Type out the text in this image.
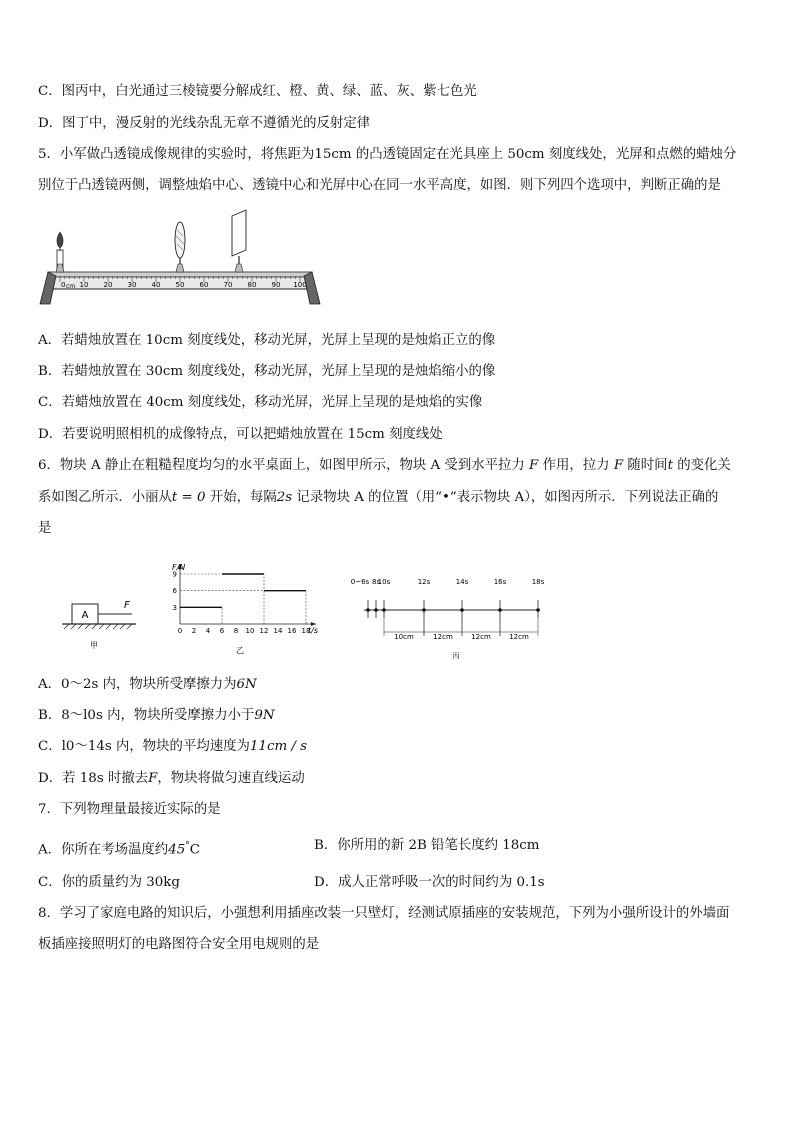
C．图丙中，白光通过三棱镜要分解成红、橙、黄、绿、蓝、灰、紫七色光
D．图丁中，漫反射的光线杂乱无章不遵循光的反射定律
5．小军做凸透镜成像规律的实验时，将焦距为15cm 的凸透镜固定在光具座上 50cm 刻度线处，光屏和点燃的蜡烛分
别位于凸透镜两侧，调整烛焰中心、透镜中心和光屏中心在同一水平高度，如图．则下列四个选项中，判断正确的是
0 10 20 30 40 50 60 70 80 90 100
cm
A．若蜡烛放置在 10cm 刻度线处，移动光屏，光屏上呈现的是烛焰正立的像
B．若蜡烛放置在 30cm 刻度线处，移动光屏，光屏上呈现的是烛焰缩小的像
C．若蜡烛放置在 40cm 刻度线处，移动光屏，光屏上呈现的是烛焰的实像
D．若要说明照相机的成像特点，可以把蜡烛放置在 15cm 刻度线处
6．物块 A 静止在粗糙程度均匀的水平桌面上，如图甲所示，物块 A 受到水平拉力 F 作用，拉力 F 随时间t 的变化关
系如图乙所示．小丽从t = 0 开始，每隔2s 记录物块 A 的位置（用“•”表示物块 A），如图丙所示．下列说法正确的
是
A
F
甲
0 2 4 6 8 10 12 14 16 18
3
6
9
F/N
t/s
乙
0~6s 8s
10s	12s	14s	16s	18s
10cm	12cm	12cm	12cm
丙
A．0～2s 内，物块所受摩擦力为6N
B．8～l0s 内，物块所受摩擦力小于9N
C．l0～14s 内，物块的平均速度为11cm / s
D．若 18s 时撤去F，物块将做匀速直线运动
7．下列物理量最接近实际的是
A．你所在考场温度约45°C	B．你所用的新 2B 铅笔长度约 18cm
C．你的质量约为 30kg	D．成人正常呼吸一次的时间约为 0.1s
8．学习了家庭电路的知识后，小强想利用插座改装一只壁灯，经测试原插座的安装规范，下列为小强所设计的外墙面
板插座接照明灯的电路图符合安全用电规则的是
